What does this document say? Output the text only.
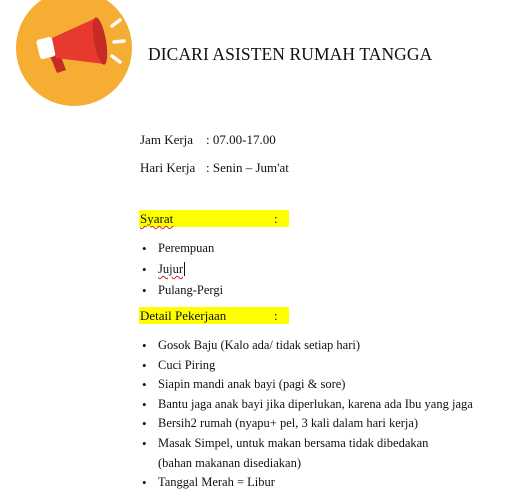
DICARI ASISTEN RUMAH TANGGA
Jam Kerja : 07.00-17.00
Hari Kerja : Senin – Jum'at
Syarat	:
• Perempuan
• Jujur
• Pulang-Pergi
Detail Pekerjaan	:
• Gosok Baju (Kalo ada/ tidak setiap hari)
• Cuci Piring
• Siapin mandi anak bayi (pagi & sore)
• Bantu jaga anak bayi jika diperlukan, karena ada Ibu yang jaga
• Bersih2 rumah (nyapu+ pel, 3 kali dalam hari kerja)
• Masak Simpel, untuk makan bersama tidak dibedakan
(bahan makanan disediakan)
• Tanggal Merah = Libur
